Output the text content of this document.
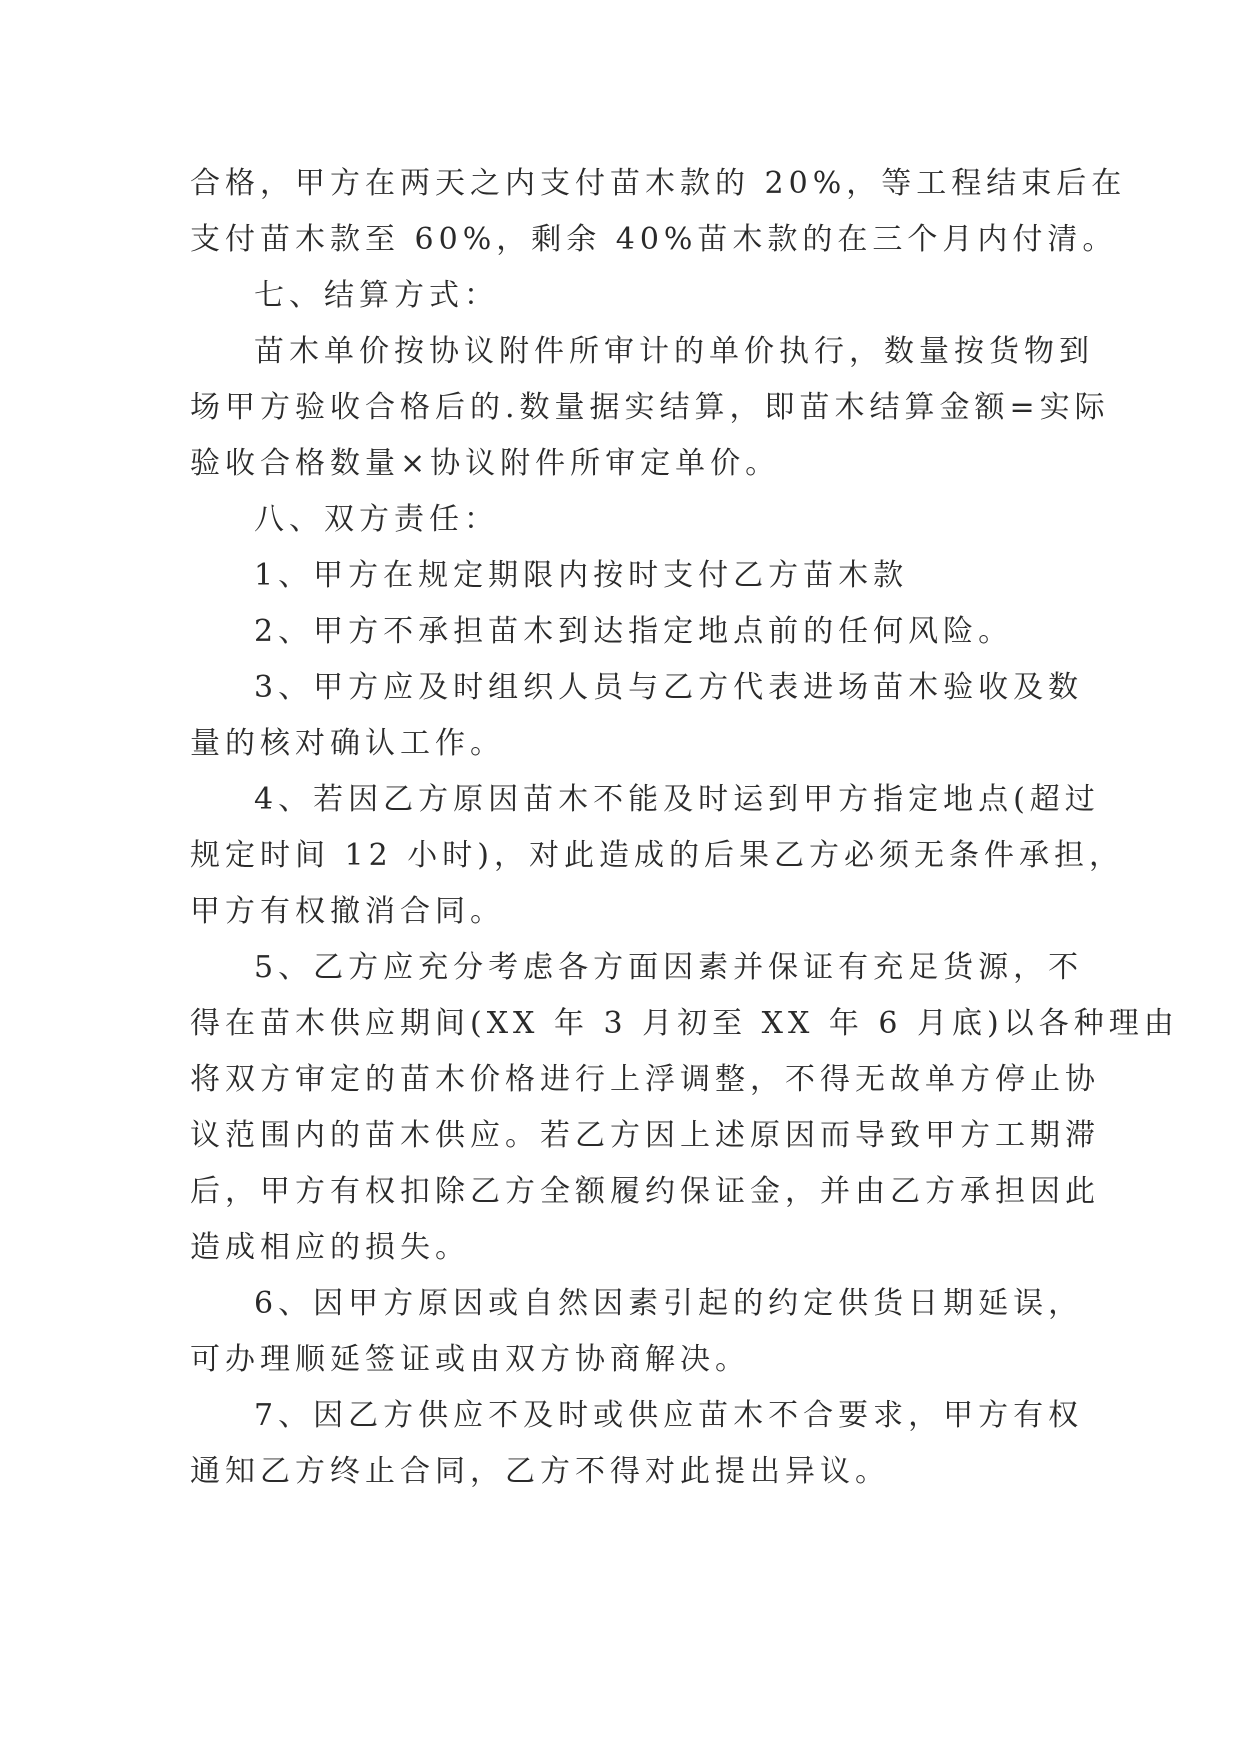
合格，甲方在两天之内支付苗木款的 20%，等工程结束后在
支付苗木款至 60%，剩余 40%苗木款的在三个月内付清。
七、结算方式：
苗木单价按协议附件所审计的单价执行，数量按货物到
场甲方验收合格后的.数量据实结算，即苗木结算金额=实际
验收合格数量×协议附件所审定单价。
八、双方责任：
1、甲方在规定期限内按时支付乙方苗木款
2、甲方不承担苗木到达指定地点前的任何风险。
3、甲方应及时组织人员与乙方代表进场苗木验收及数
量的核对确认工作。
4、若因乙方原因苗木不能及时运到甲方指定地点(超过
规定时间 12 小时)，对此造成的后果乙方必须无条件承担，
甲方有权撤消合同。
5、乙方应充分考虑各方面因素并保证有充足货源，不
得在苗木供应期间(XX 年 3 月初至 XX 年 6 月底)以各种理由
将双方审定的苗木价格进行上浮调整，不得无故单方停止协
议范围内的苗木供应。若乙方因上述原因而导致甲方工期滞
后，甲方有权扣除乙方全额履约保证金，并由乙方承担因此
造成相应的损失。
6、因甲方原因或自然因素引起的约定供货日期延误，
可办理顺延签证或由双方协商解决。
7、因乙方供应不及时或供应苗木不合要求，甲方有权
通知乙方终止合同，乙方不得对此提出异议。
